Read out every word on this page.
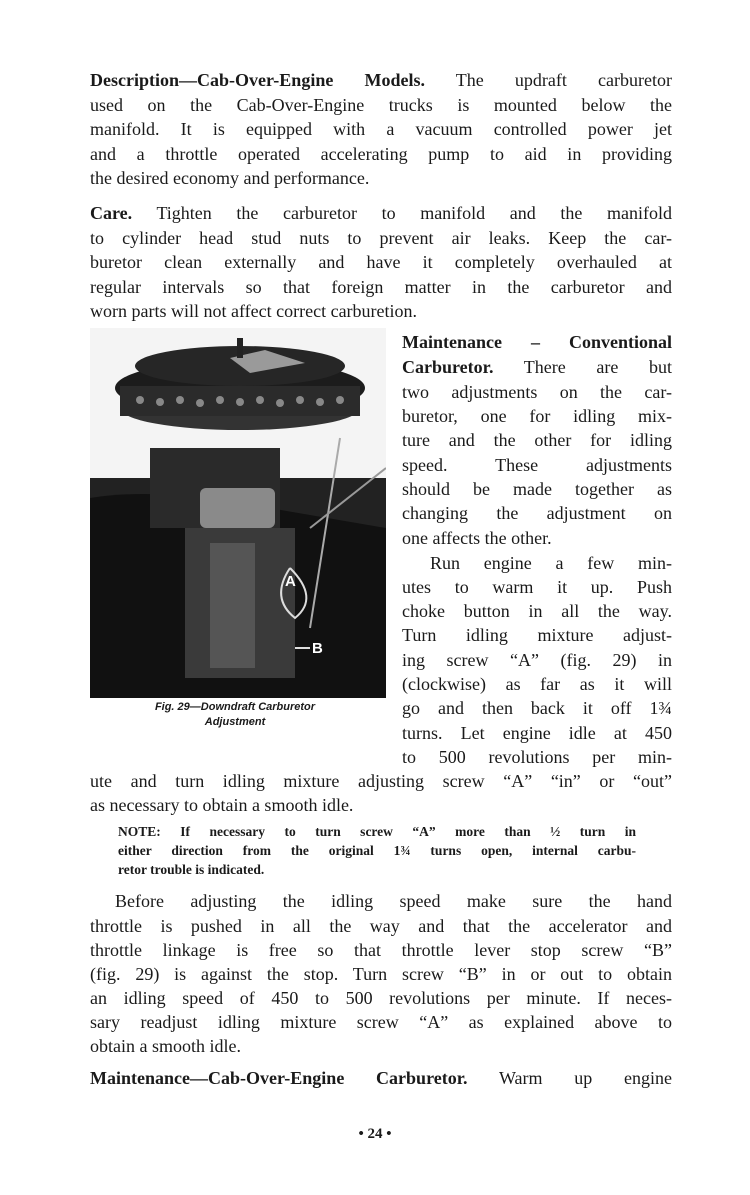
Description—Cab-Over-Engine Models. The updraft carburetor
used on the Cab-Over-Engine trucks is mounted below the
manifold. It is equipped with a vacuum controlled power jet
and a throttle operated accelerating pump to aid in providing
the desired economy and performance.
Care. Tighten the carburetor to manifold and the manifold
to cylinder head stud nuts to prevent air leaks. Keep the car-
buretor clean externally and have it completely overhauled at
regular intervals so that foreign matter in the carburetor and
worn parts will not affect correct carburetion.
A
B
Fig. 29—Downdraft Carburetor
Adjustment
Maintenance – Conventional
Carburetor. There are but
two adjustments on the car-
buretor, one for idling mix-
ture and the other for idling
speed. These adjustments
should be made together as
changing the adjustment on
one affects the other.
Run engine a few min-
utes to warm it up. Push
choke button in all the way.
Turn idling mixture adjust-
ing screw “A” (fig. 29) in
(clockwise) as far as it will
go and then back it off 1¾
turns. Let engine idle at 450
to 500 revolutions per min-
ute and turn idling mixture adjusting screw “A” “in” or “out”
as necessary to obtain a smooth idle.
NOTE: If necessary to turn screw “A” more than ½ turn in
either direction from the original 1¾ turns open, internal carbu-
retor trouble is indicated.
Before adjusting the idling speed make sure the hand
throttle is pushed in all the way and that the accelerator and
throttle linkage is free so that throttle lever stop screw “B”
(fig. 29) is against the stop. Turn screw “B” in or out to obtain
an idling speed of 450 to 500 revolutions per minute. If neces-
sary readjust idling mixture screw “A” as explained above to
obtain a smooth idle.
Maintenance—Cab-Over-Engine Carburetor. Warm up engine
• 24 •
